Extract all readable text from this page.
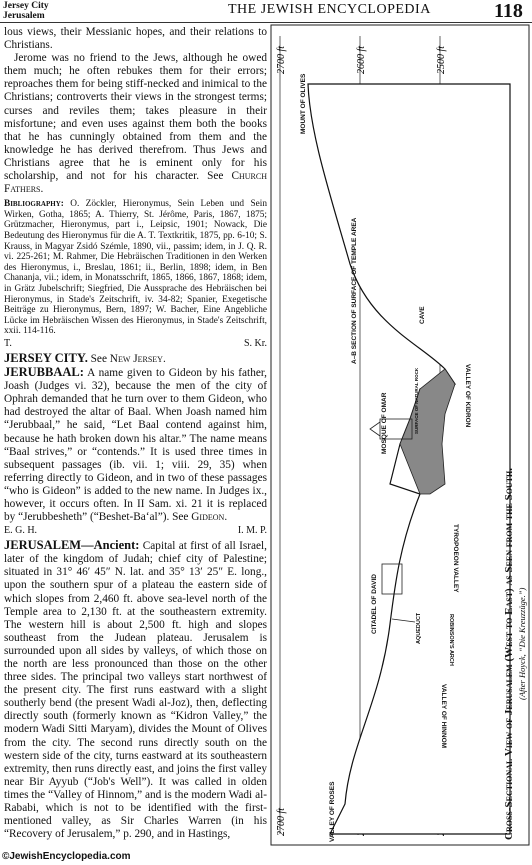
Jersey City
Jerusalem	THE JEWISH ENCYCLOPEDIA	118

lous views, their Messianic hopes, and their relations to Christians.

Jerome was no friend to the Jews, although he owed them much; he often rebukes them for their errors; reproaches them for being stiff-necked and inimical to the Christians; controverts their views in the strongest terms; curses and reviles them; takes pleasure in their misfortune; and even uses against them both the books that he has cunningly obtained from them and the knowledge he has derived therefrom. Thus Jews and Christians agree that he is eminent only for his scholarship, and not for his character. See Church Fathers.

Bibliography: O. Zöckler, Hieronymus, Sein Leben und Sein Wirken, Gotha, 1865; A. Thierry, St. Jérôme, Paris, 1867, 1875; Grützmacher, Hieronymus, part i., Leipsic, 1901; Nowack, Die Bedeutung des Hieronymus für die A. T. Textkritik, 1875, pp. 6-10; S. Krauss, in Magyar Zsidó Szémle, 1890, vii., passim; idem, in J. Q. R. vi. 225-261; M. Rahmer, Die Hebräischen Traditionen in den Werken des Hieronymus, i., Breslau, 1861; ii., Berlin, 1898; idem, in Ben Chananja, vii.; idem, in Monatsschrift, 1865, 1866, 1867, 1868; idem, in Grätz Jubelschrift; Siegfried, Die Aussprache des Hebräischen bei Hieronymus, in Stade's Zeitschrift, iv. 34-82; Spanier, Exegetische Beiträge zu Hieronymus, Bern, 1897; W. Bacher, Eine Angebliche Lücke im Hebräischen Wissen des Hieronymus, in Stade's Zeitschrift, xxii. 114-116.

T.	S. Kr.

JERSEY CITY. See New Jersey.

JERUBBAAL: A name given to Gideon by his father, Joash (Judges vi. 32), because the men of the city of Ophrah demanded that he turn over to them Gideon, who had destroyed the altar of Baal. When Joash named him “Jerubbaal,” he said, “Let Baal contend against him, because he hath broken down his altar.” The name means “Baal strives,” or “contends.” It is used three times in subsequent passages (ib. vii. 1; viii. 29, 35) when referring directly to Gideon, and in two of these passages “who is Gideon” is added to the new name. In Judges ix., however, it occurs often. In II Sam. xi. 21 it is replaced by “Jerubbesheth” (“Beshet-Ba‘al”). See Gideon.

E. G. H.	I. M. P.

JERUSALEM—Ancient: Capital at first of all Israel, later of the kingdom of Judah; chief city of Palestine; situated in 31° 46′ 45″ N. lat. and 35° 13′ 25″ E. long., upon the southern spur of a plateau the eastern side of which slopes from 2,460 ft. above sea-level north of the Temple area to 2,130 ft. at the southeastern extremity. The western hill is about 2,500 ft. high and slopes southeast from the Judean plateau. Jerusalem is surrounded upon all sides by valleys, of which those on the north are less pronounced than those on the other three sides. The principal two valleys start northwest of the present city. The first runs eastward with a slight southerly bend (the present Wadi al-Joz), then, deflecting directly south (formerly known as “Kidron Valley,” the modern Wadi Sitti Maryam), divides the Mount of Olives from the city. The second runs directly south on the western side of the city, turns eastward at its southeastern extremity, then runs directly east, and joins the first valley near Bir Ayyub (“Job's Well”). It was called in olden times the “Valley of Hinnom,” and is the modern Wadi al-Rababi, which is not to be identified with the first-mentioned valley, as Sir Charles Warren (in his “Recovery of Jerusalem,” p. 290, and in Hastings,

2700 ft	2600 ft	2500 ft
2700 ft
MOUNT OF OLIVES
A–B SECTION OF SURFACE OF TEMPLE AREA	CAVE
VALLEY OF KIDRON
MOSQUE OF OMAR	SURFACE OF NATURAL ROCK
TYROPOEON VALLEY
ROBINSON'S ARCH
CITADEL OF DAVID	AQUEDUCT
VALLEY OF HINNOM
VALLEY OF ROSES	Cross-Sectional View of Jerusalem (West to East) as Seen from the South. (After Hoyck, “Die Kreuzzüge.”)
©JewishEncyclopedia.com
